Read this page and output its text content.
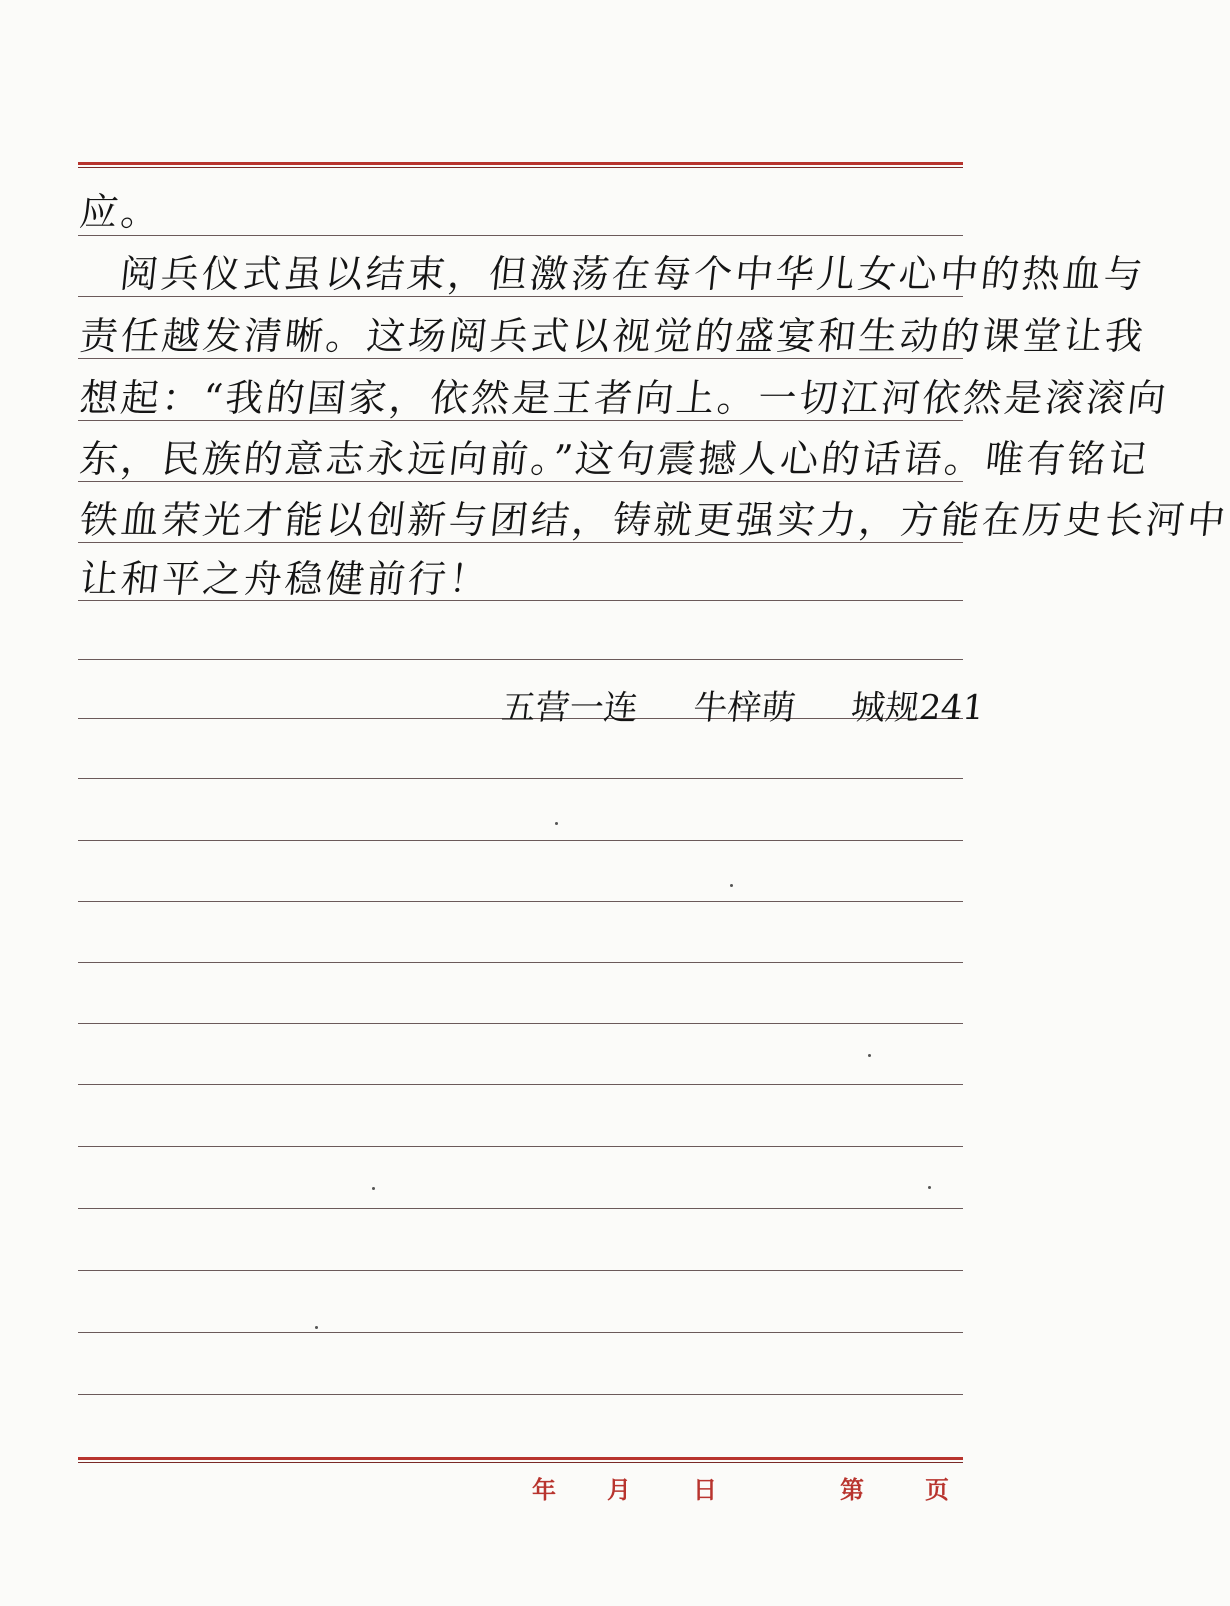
应。
阅兵仪式虽以结束，但激荡在每个中华儿女心中的热血与
责任越发清晰。这场阅兵式以视觉的盛宴和生动的课堂让我
想起：“我的国家，依然是王者向上。一切江河依然是滚滚向
东，民族的意志永远向前。”这句震撼人心的话语。唯有铭记
铁血荣光才能以创新与团结，铸就更强实力，方能在历史长河中
让和平之舟稳健前行！
五营一连 牛梓萌 城规241
年 月	日	第	页
